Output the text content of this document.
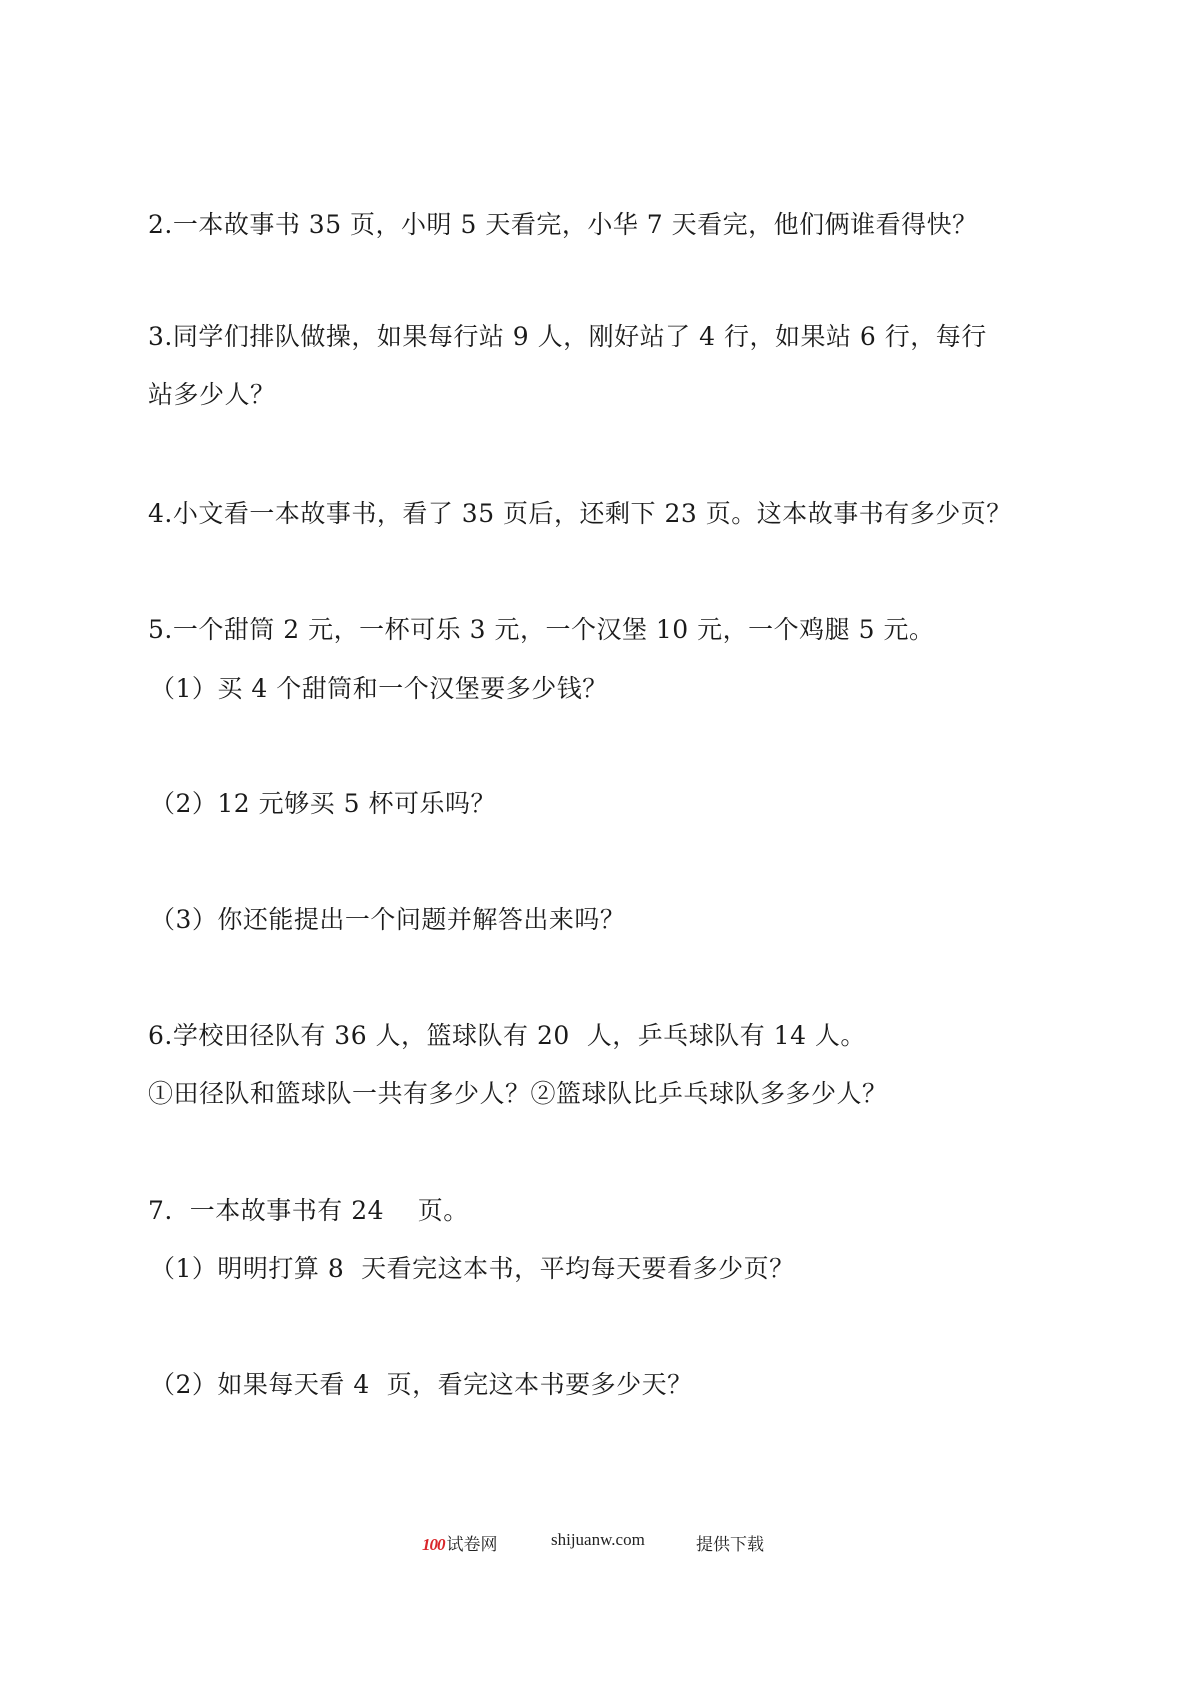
2.一本故事书 35 页，小明 5 天看完，小华 7 天看完，他们俩谁看得快？
3.同学们排队做操，如果每行站 9 人，刚好站了 4 行，如果站 6 行，每行
站多少人？
4.小文看一本故事书，看了 35 页后，还剩下 23 页。这本故事书有多少页？
5.一个甜筒 2 元，一杯可乐 3 元，一个汉堡 10 元，一个鸡腿 5 元。
（1）买 4 个甜筒和一个汉堡要多少钱？
（2）12 元够买 5 杯可乐吗？
（3）你还能提出一个问题并解答出来吗？
6.学校田径队有 36 人，篮球队有 20  人，乒乓球队有 14 人。
①田径队和篮球队一共有多少人？②篮球队比乒乓球队多多少人？
7.  一本故事书有 24    页。
（1）明明打算 8  天看完这本书，平均每天要看多少页？
（2）如果每天看 4  页，看完这本书要多少天？
100 试卷网	shijuanw.com	提供下载
